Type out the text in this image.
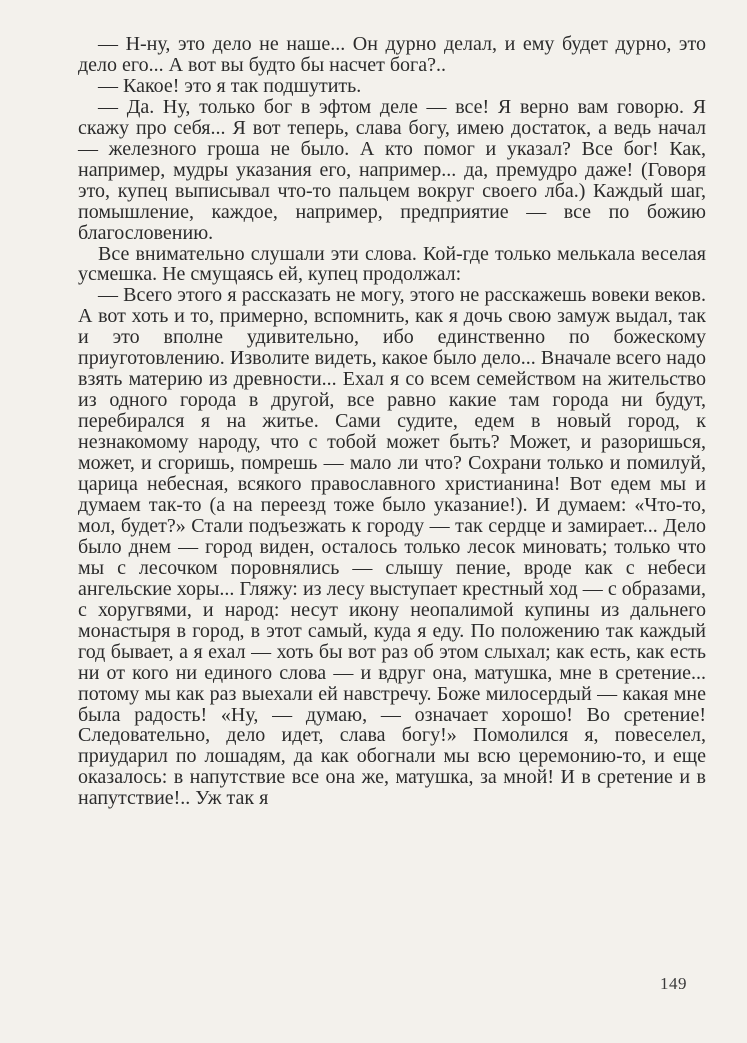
— Н-ну, это дело не наше... Он дурно делал, и ему будет дурно, это дело его... А вот вы будто бы насчет бога?..

— Какое! это я так подшутить.

— Да. Ну, только бог в эфтом деле — все! Я верно вам говорю. Я скажу про себя... Я вот теперь, слава богу, имею достаток, а ведь начал — железного гроша не было. А кто помог и указал? Все бог! Как, например, мудры указания его, например... да, премудро даже! (Говоря это, купец выписывал что-то пальцем вокруг своего лба.) Каждый шаг, помышление, каждое, например, предприятие — все по божию благословению.

Все внимательно слушали эти слова. Кой-где только мелькала веселая усмешка. Не смущаясь ей, купец продолжал:

— Всего этого я рассказать не могу, этого не расскажешь вовеки веков. А вот хоть и то, примерно, вспомнить, как я дочь свою замуж выдал, так и это вполне удивительно, ибо единственно по божескому приуготовлению. Изволите видеть, какое было дело... Вначале всего надо взять материю из древности... Ехал я со всем семейством на жительство из одного города в другой, все равно какие там города ни будут, перебирался я на житье. Сами судите, едем в новый город, к незнакомому народу, что с тобой может быть? Может, и разоришься, может, и сгоришь, помрешь — мало ли что? Сохрани только и помилуй, царица небесная, всякого православного христианина! Вот едем мы и думаем так-то (а на переезд тоже было указание!). И думаем: «Что-то, мол, будет?» Стали подъезжать к городу — так сердце и замирает... Дело было днем — город виден, осталось только лесок миновать; только что мы с лесочком поровнялись — слышу пение, вроде как с небеси ангельские хоры... Гляжу: из лесу выступает крестный ход — с образами, с хоругвями, и народ: несут икону неопалимой купины из дальнего монастыря в город, в этот самый, куда я еду. По положению так каждый год бывает, а я ехал — хоть бы вот раз об этом слыхал; как есть, как есть ни от кого ни единого слова — и вдруг она, матушка, мне в сретение... потому мы как раз выехали ей навстречу. Боже милосердый — какая мне была радость! «Ну, — думаю, — означает хорошо! Во сретение! Следовательно, дело идет, слава богу!» Помолился я, повеселел, приударил по лошадям, да как обогнали мы всю церемонию-то, и еще оказалось: в напутствие все она же, матушка, за мной! И в сретение и в напутствие!.. Уж так я

149
